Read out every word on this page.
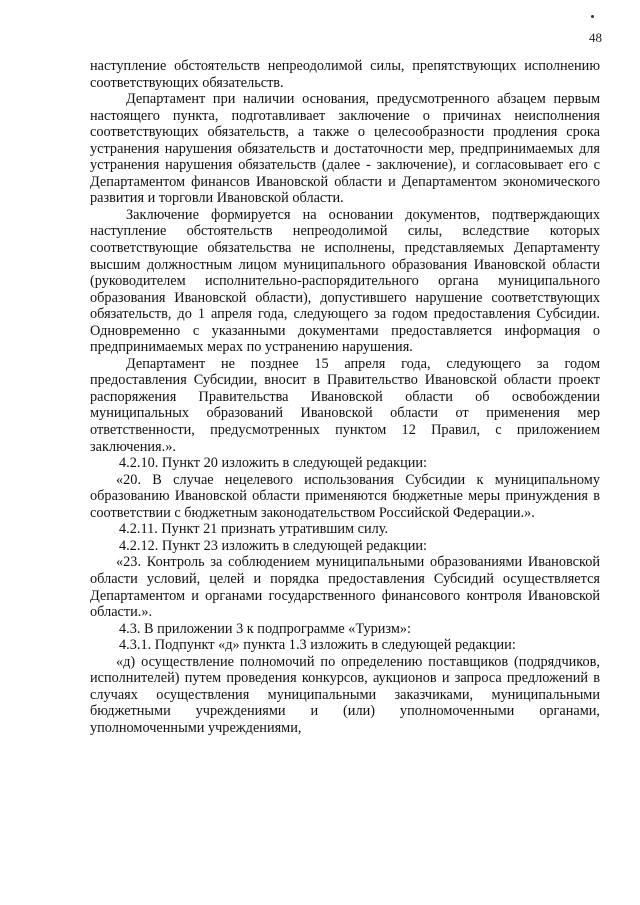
48

наступление обстоятельств непреодолимой силы, препятствующих исполнению соответствующих обязательств.

Департамент при наличии основания, предусмотренного абзацем первым настоящего пункта, подготавливает заключение о причинах неисполнения соответствующих обязательств, а также о целесообразности продления срока устранения нарушения обязательств и достаточности мер, предпринимаемых для устранения нарушения обязательств (далее - заключение), и согласовывает его с Департаментом финансов Ивановской области и Департаментом экономического развития и торговли Ивановской области.

Заключение формируется на основании документов, подтверждающих наступление обстоятельств непреодолимой силы, вследствие которых соответствующие обязательства не исполнены, представляемых Департаменту высшим должностным лицом муниципального образования Ивановской области (руководителем исполнительно-распорядительного органа муниципального образования Ивановской области), допустившего нарушение соответствующих обязательств, до 1 апреля года, следующего за годом предоставления Субсидии. Одновременно с указанными документами предоставляется информация о предпринимаемых мерах по устранению нарушения.

Департамент не позднее 15 апреля года, следующего за годом предоставления Субсидии, вносит в Правительство Ивановской области проект распоряжения Правительства Ивановской области об освобождении муниципальных образований Ивановской области от применения мер ответственности, предусмотренных пунктом 12 Правил, с приложением заключения.».

4.2.10. Пункт 20 изложить в следующей редакции:

«20. В случае нецелевого использования Субсидии к муниципальному образованию Ивановской области применяются бюджетные меры принуждения в соответствии с бюджетным законодательством Российской Федерации.».

4.2.11. Пункт 21 признать утратившим силу.

4.2.12. Пункт 23 изложить в следующей редакции:

«23. Контроль за соблюдением муниципальными образованиями Ивановской области условий, целей и порядка предоставления Субсидий осуществляется Департаментом и органами государственного финансового контроля Ивановской области.».

4.3. В приложении 3 к подпрограмме «Туризм»:

4.3.1. Подпункт «д» пункта 1.3 изложить в следующей редакции:

«д) осуществление полномочий по определению поставщиков (подрядчиков, исполнителей) путем проведения конкурсов, аукционов и запроса предложений в случаях осуществления муниципальными заказчиками, муниципальными бюджетными учреждениями и (или) уполномоченными органами, уполномоченными учреждениями,
